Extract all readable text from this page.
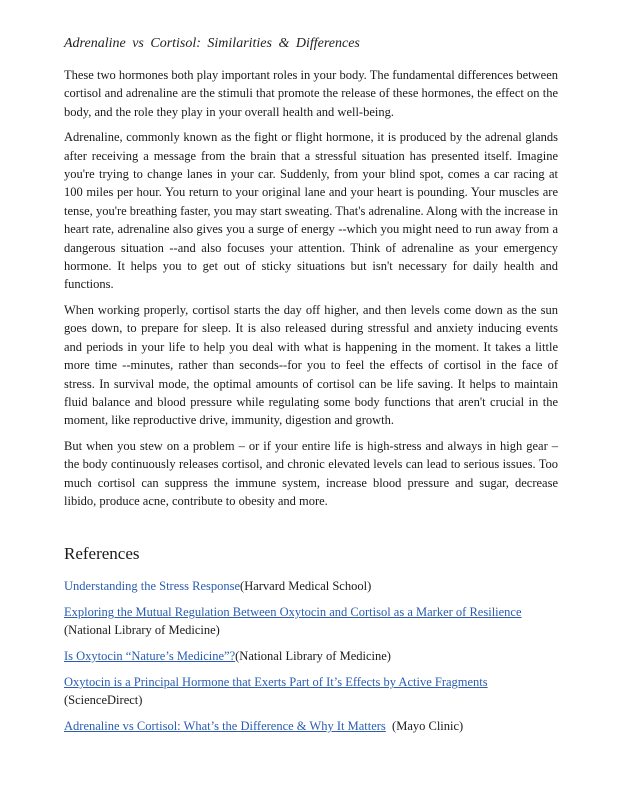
Adrenaline vs Cortisol: Similarities & Differences

These two hormones both play important roles in your body. The fundamental differences between cortisol and adrenaline are the stimuli that promote the release of these hormones, the effect on the body, and the role they play in your overall health and well-being.

Adrenaline, commonly known as the fight or flight hormone, it is produced by the adrenal glands after receiving a message from the brain that a stressful situation has presented itself. Imagine you're trying to change lanes in your car. Suddenly, from your blind spot, comes a car racing at 100 miles per hour. You return to your original lane and your heart is pounding. Your muscles are tense, you're breathing faster, you may start sweating. That's adrenaline. Along with the increase in heart rate, adrenaline also gives you a surge of energy --which you might need to run away from a dangerous situation --and also focuses your attention. Think of adrenaline as your emergency hormone. It helps you to get out of sticky situations but isn't necessary for daily health and functions.

When working properly, cortisol starts the day off higher, and then levels come down as the sun goes down, to prepare for sleep. It is also released during stressful and anxiety inducing events and periods in your life to help you deal with what is happening in the moment. It takes a little more time --minutes, rather than seconds--for you to feel the effects of cortisol in the face of stress. In survival mode, the optimal amounts of cortisol can be life saving. It helps to maintain fluid balance and blood pressure while regulating some body functions that aren't crucial in the moment, like reproductive drive, immunity, digestion and growth.

But when you stew on a problem – or if your entire life is high-stress and always in high gear – the body continuously releases cortisol, and chronic elevated levels can lead to serious issues. Too much cortisol can suppress the immune system, increase blood pressure and sugar, decrease libido, produce acne, contribute to obesity and more.

References
Understanding the Stress Response(Harvard Medical School)
Exploring the Mutual Regulation Between Oxytocin and Cortisol as a Marker of Resilience
(National Library of Medicine)
Is Oxytocin “Nature’s Medicine”?(National Library of Medicine)
Oxytocin is a Principal Hormone that Exerts Part of It’s Effects by Active Fragments
(ScienceDirect)
Adrenaline vs Cortisol: What’s the Difference & Why It Matters (Mayo Clinic)
